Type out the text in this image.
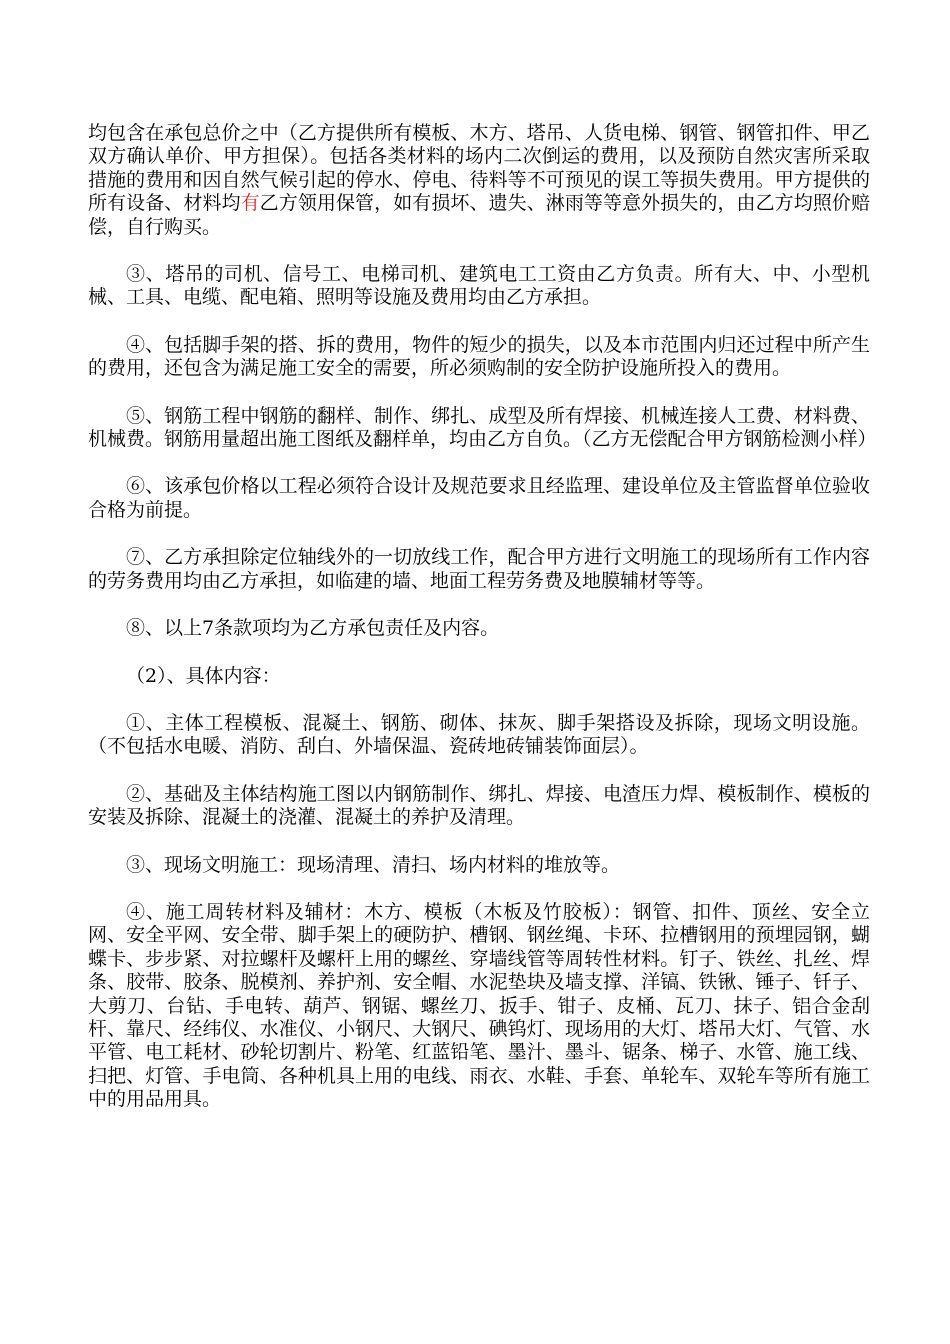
均包含在承包总价之中（乙方提供所有模板、木方、塔吊、人货电梯、钢管、钢管扣件、甲乙双方确认单价、甲方担保）。包括各类材料的场内二次倒运的费用，以及预防自然灾害所采取措施的费用和因自然气候引起的停水、停电、待料等不可预见的误工等损失费用。甲方提供的所有设备、材料均有乙方领用保管，如有损坏、遗失、淋雨等等意外损失的，由乙方均照价赔偿，自行购买。

③、塔吊的司机、信号工、电梯司机、建筑电工工资由乙方负责。所有大、中、小型机械、工具、电缆、配电箱、照明等设施及费用均由乙方承担。

④、包括脚手架的搭、拆的费用，物件的短少的损失，以及本市范围内归还过程中所产生的费用，还包含为满足施工安全的需要，所必须购制的安全防护设施所投入的费用。

⑤、钢筋工程中钢筋的翻样、制作、绑扎、成型及所有焊接、机械连接人工费、材料费、机械费。钢筋用量超出施工图纸及翻样单，均由乙方自负。（乙方无偿配合甲方钢筋检测小样）

⑥、该承包价格以工程必须符合设计及规范要求且经监理、建设单位及主管监督单位验收合格为前提。

⑦、乙方承担除定位轴线外的一切放线工作，配合甲方进行文明施工的现场所有工作内容的劳务费用均由乙方承担，如临建的墙、地面工程劳务费及地膜辅材等等。

⑧、以上7条款项均为乙方承包责任及内容。

（2）、具体内容：

①、主体工程模板、混凝土、钢筋、砌体、抹灰、脚手架搭设及拆除，现场文明设施。（不包括水电暖、消防、刮白、外墙保温、瓷砖地砖铺装饰面层）。

②、基础及主体结构施工图以内钢筋制作、绑扎、焊接、电渣压力焊、模板制作、模板的安装及拆除、混凝土的浇灌、混凝土的养护及清理。

③、现场文明施工：现场清理、清扫、场内材料的堆放等。

④、施工周转材料及辅材：木方、模板（木板及竹胶板）：钢管、扣件、顶丝、安全立网、安全平网、安全带、脚手架上的硬防护、槽钢、钢丝绳、卡环、拉槽钢用的预埋园钢，蝴蝶卡、步步紧、对拉螺杆及螺杆上用的螺丝、穿墙线管等周转性材料。钉子、铁丝、扎丝、焊条、胶带、胶条、脱模剂、养护剂、安全帽、水泥垫块及墙支撑、洋镐、铁锹、锤子、钎子、大剪刀、台钻、手电转、葫芦、钢锯、螺丝刀、扳手、钳子、皮桶、瓦刀、抹子、铝合金刮杆、靠尺、经纬仪、水准仪、小钢尺、大钢尺、碘钨灯、现场用的大灯、塔吊大灯、气管、水平管、电工耗材、砂轮切割片、粉笔、红蓝铅笔、墨汁、墨斗、锯条、梯子、水管、施工线、扫把、灯管、手电筒、各种机具上用的电线、雨衣、水鞋、手套、单轮车、双轮车等所有施工中的用品用具。
